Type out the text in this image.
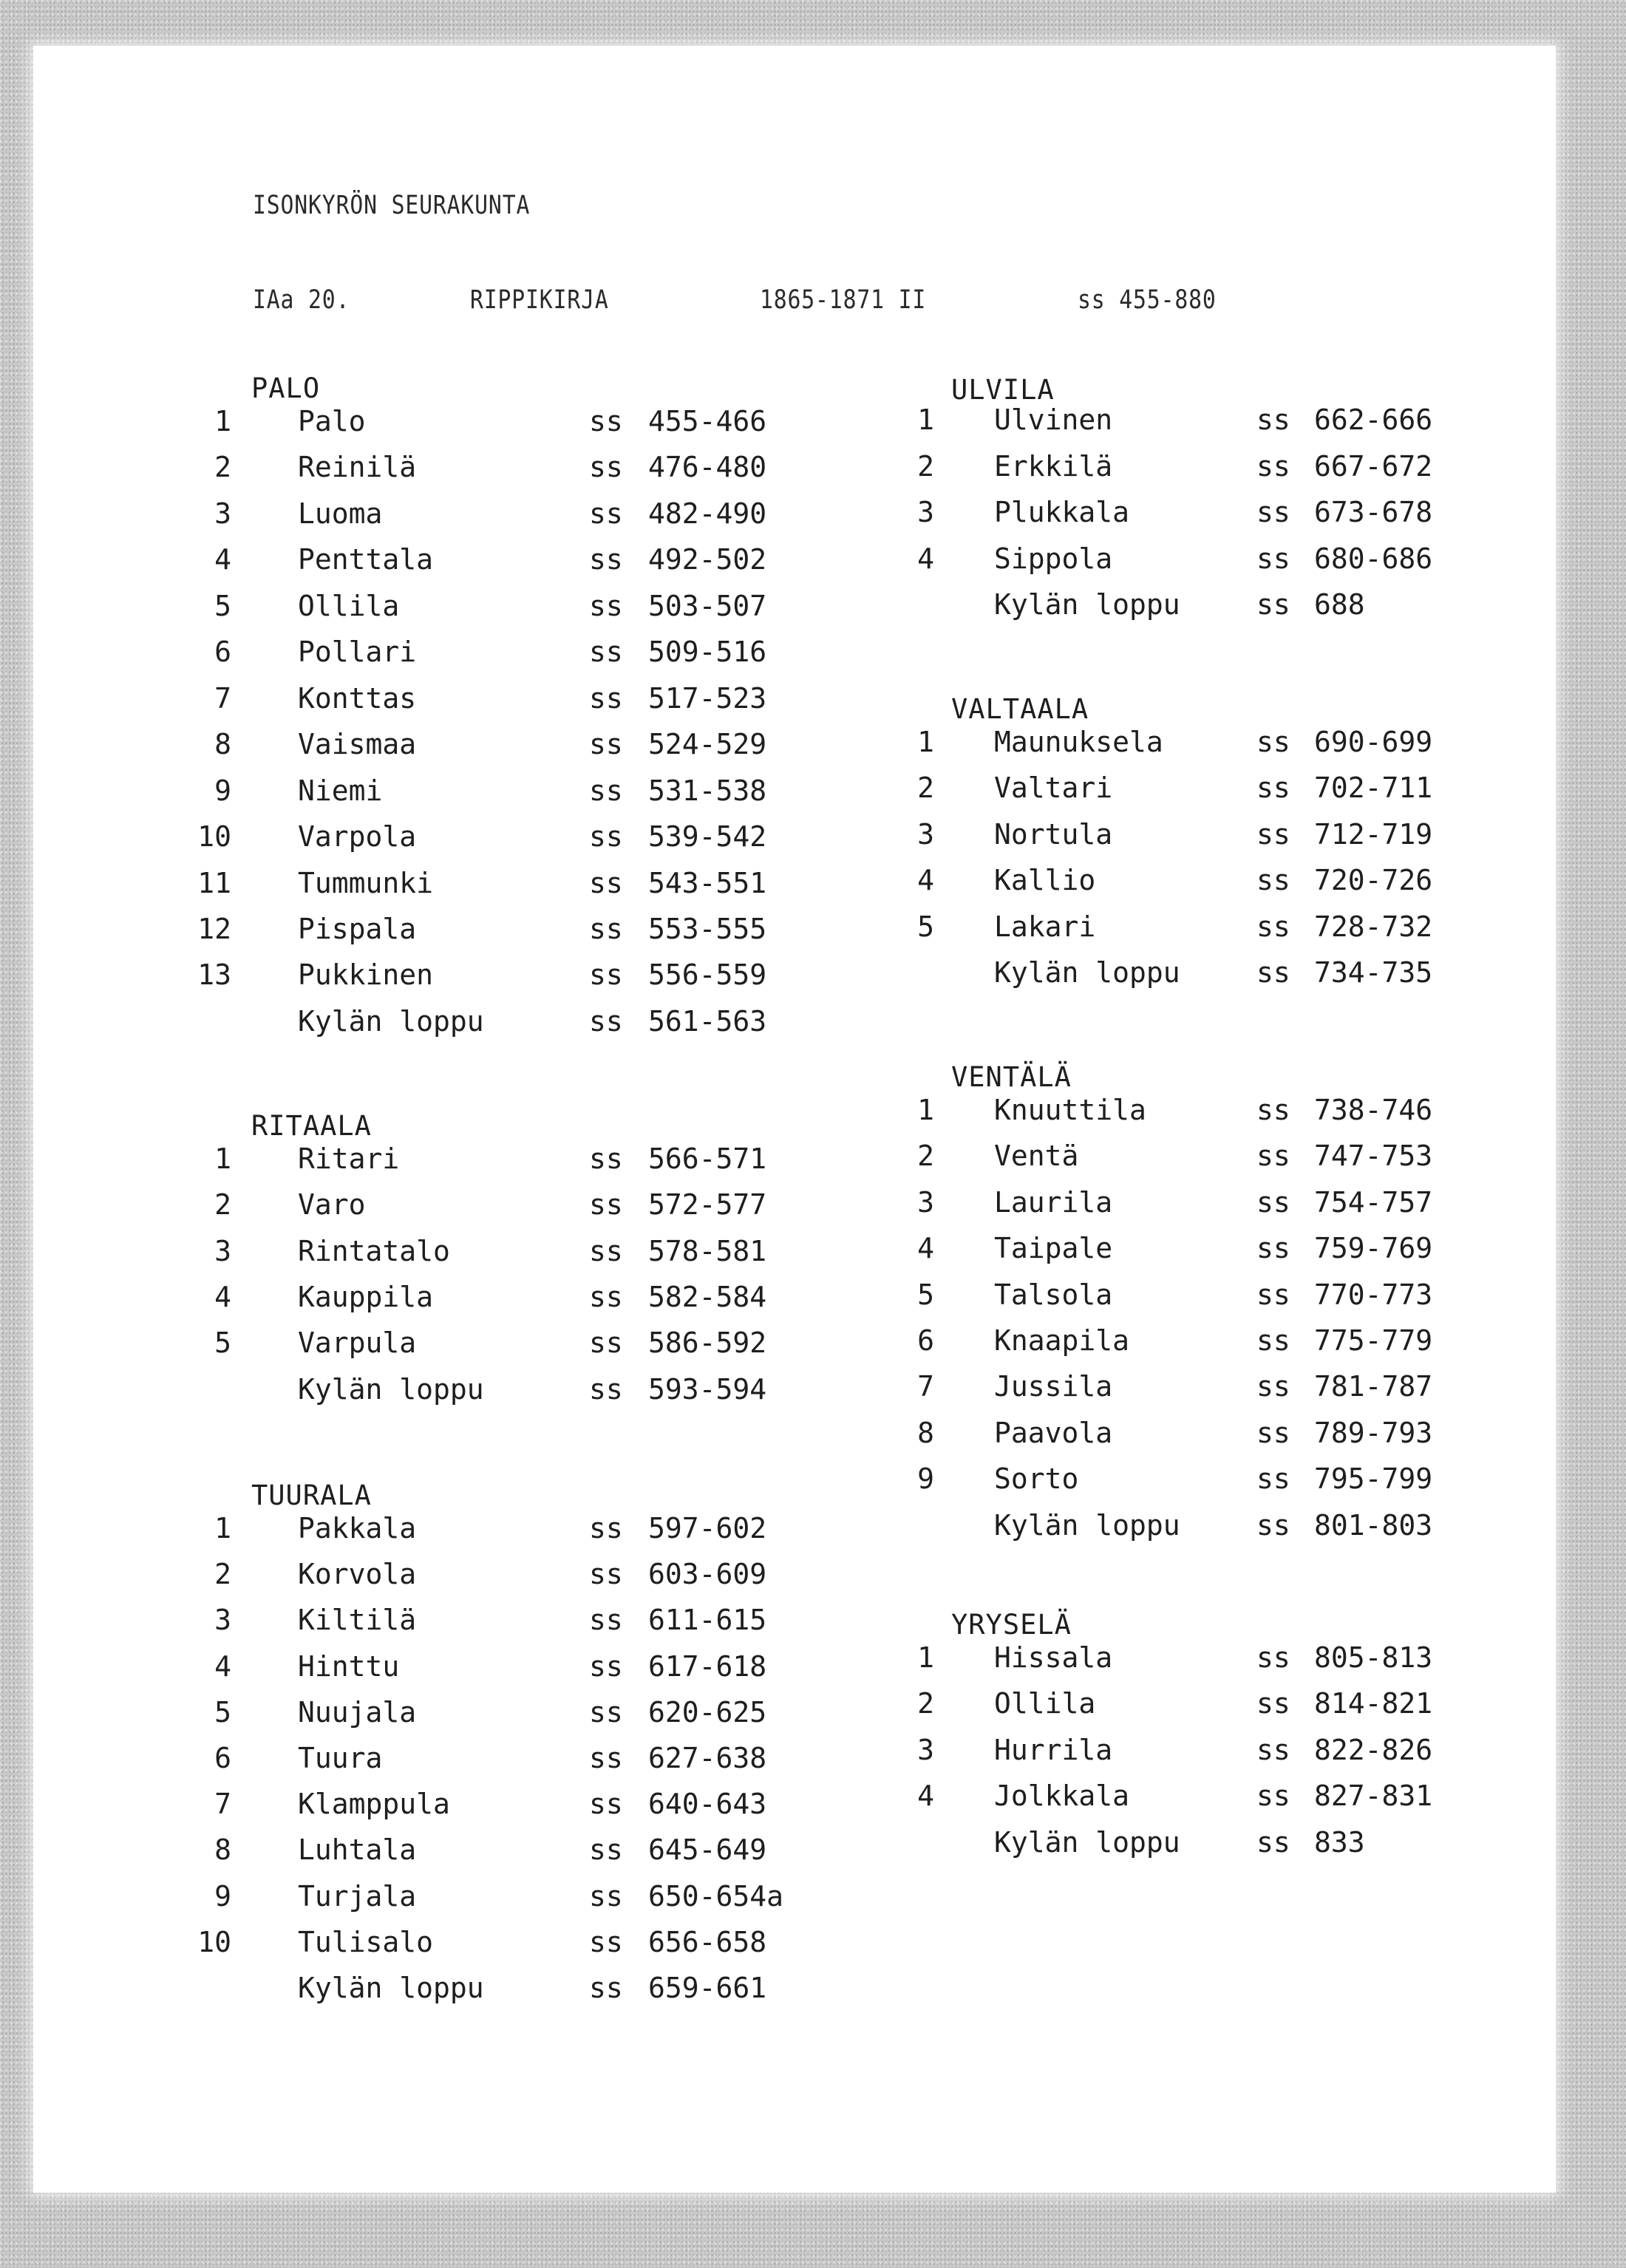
ISONKYRÖN SEURAKUNTA
IAa 20.	RIPPIKIRJA	1865-1871 II	ss 455-880
PALO
1 Palo	ss 455-466
2 Reinilä	ss 476-480
3 Luoma	ss 482-490
4 Penttala	ss 492-502
5 Ollila	ss 503-507
6 Pollari	ss 509-516
7 Konttas	ss 517-523
8 Vaismaa	ss 524-529
9 Niemi	ss 531-538
10 Varpola	ss 539-542
11 Tummunki	ss 543-551
12 Pispala	ss 553-555
13 Pukkinen	ss 556-559
Kylän loppu	ss 561-563
RITAALA
1 Ritari	ss 566-571
2 Varo	ss 572-577
3 Rintatalo	ss 578-581
4 Kauppila	ss 582-584
5 Varpula	ss 586-592
Kylän loppu	ss 593-594
TUURALA
1 Pakkala	ss 597-602
2 Korvola	ss 603-609
3 Kiltilä	ss 611-615
4 Hinttu	ss 617-618
5 Nuujala	ss 620-625
6 Tuura	ss 627-638
7 Klamppula	ss 640-643
8 Luhtala	ss 645-649
9 Turjala	ss 650-654a
10 Tulisalo	ss 656-658
Kylän loppu	ss 659-661
ULVILA
1 Ulvinen	ss 662-666
2 Erkkilä	ss 667-672
3 Plukkala	ss 673-678
4 Sippola	ss 680-686
Kylän loppu	ss 688
VALTAALA
1 Maunuksela	ss 690-699
2 Valtari	ss 702-711
3 Nortula	ss 712-719
4 Kallio	ss 720-726
5 Lakari	ss 728-732
Kylän loppu	ss 734-735
VENTÄLÄ
1 Knuuttila	ss 738-746
2 Ventä	ss 747-753
3 Laurila	ss 754-757
4 Taipale	ss 759-769
5 Talsola	ss 770-773
6 Knaapila	ss 775-779
7 Jussila	ss 781-787
8 Paavola	ss 789-793
9 Sorto	ss 795-799
Kylän loppu	ss 801-803
YRYSELÄ
1 Hissala	ss 805-813
2 Ollila	ss 814-821
3 Hurrila	ss 822-826
4 Jolkkala	ss 827-831
Kylän loppu	ss 833
